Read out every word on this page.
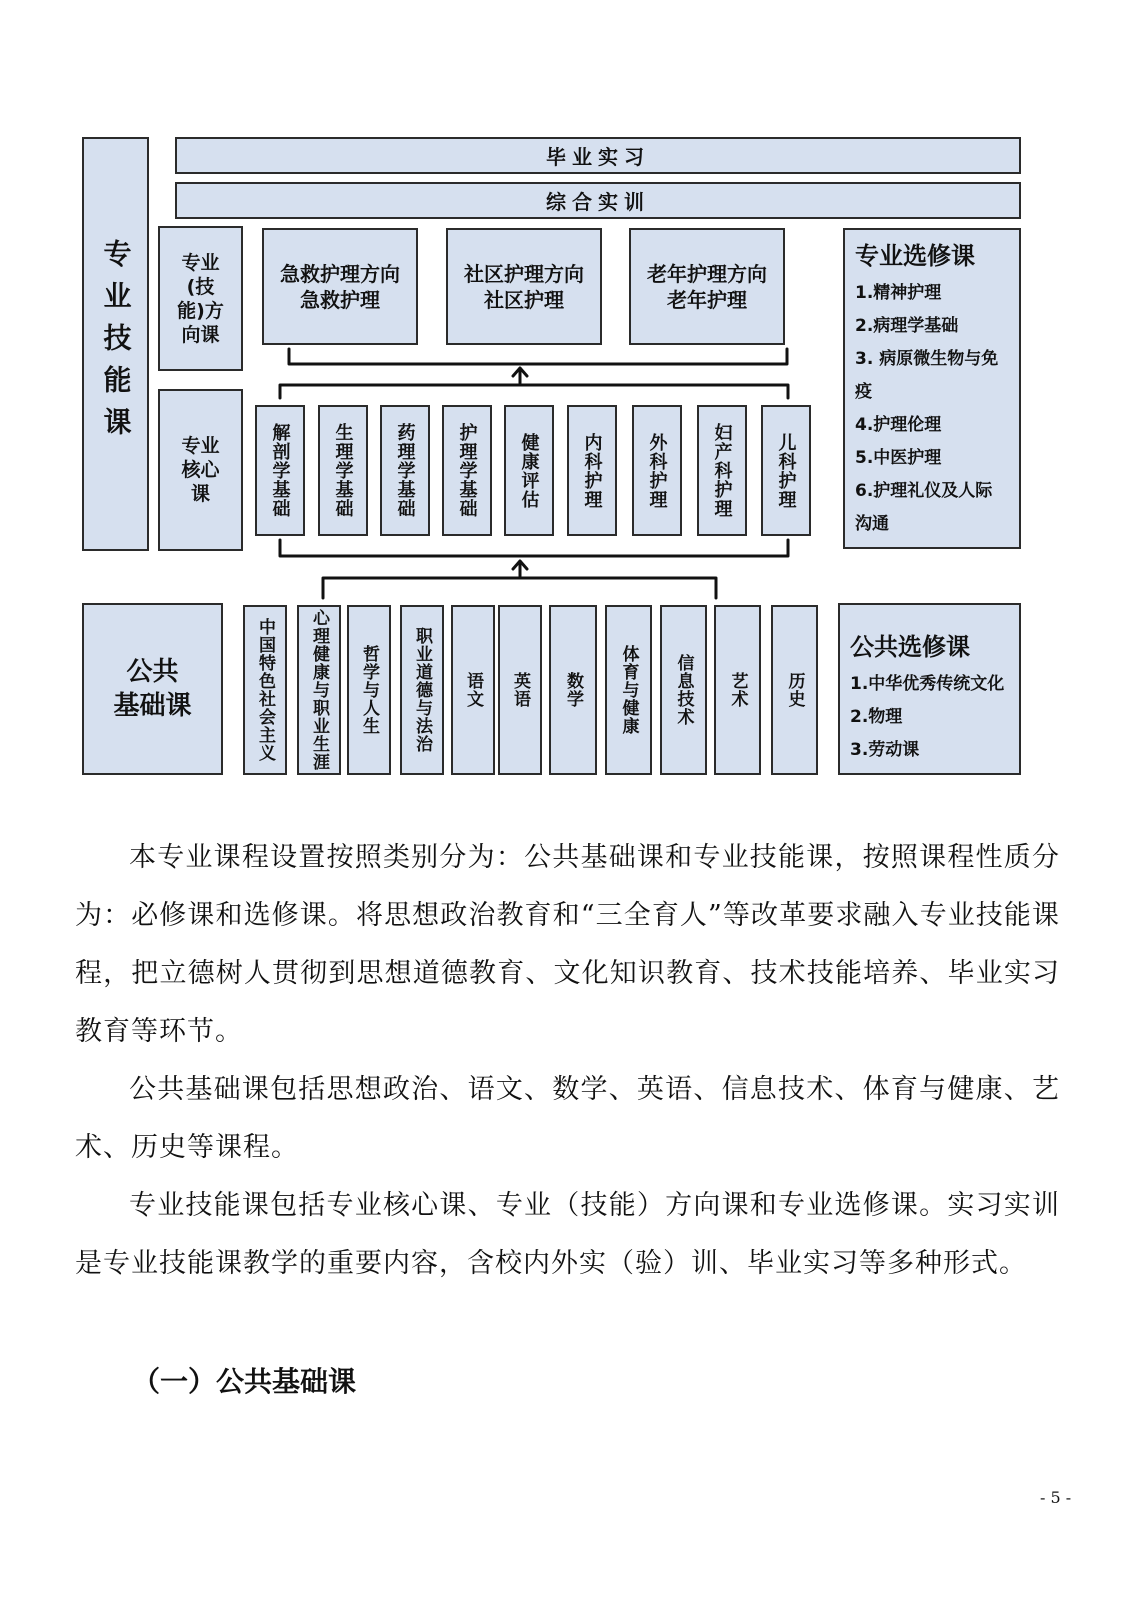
毕业实习
综合实训
专业技能课	专业(技能)方向课
专业核心课
急救护理方向
急救护理
社区护理方向
社区护理
老年护理方向
老年护理
解剖学基础	生理学基础	药理学基础	护理学基础	健康评估	内科护理	外科护理	妇产科护理	儿科护理
专业选修课
1.精神护理
2.病理学基础
3. 病原微生物与免
疫
4.护理伦理
5.中医护理
6.护理礼仪及人际
沟通
公共
基础课	中国特色社会主义	心理健康与职业生涯	哲学与人生	职业道德与法治	语文	英语	数学	体育与健康	信息技术	艺术	历史
公共选修课
1.中华优秀传统文化
2.物理
3.劳动课

本专业课程设置按照类别分为：公共基础课和专业技能课，按照课程性质分为：必修课和选修课。将思想政治教育和“三全育人”等改革要求融入专业技能课程，把立德树人贯彻到思想道德教育、文化知识教育、技术技能培养、毕业实习教育等环节。

公共基础课包括思想政治、语文、数学、英语、信息技术、体育与健康、艺术、历史等课程。

专业技能课包括专业核心课、专业（技能）方向课和专业选修课。实习实训是专业技能课教学的重要内容，含校内外实（验）训、毕业实习等多种形式。

（一）公共基础课
- 5 -
